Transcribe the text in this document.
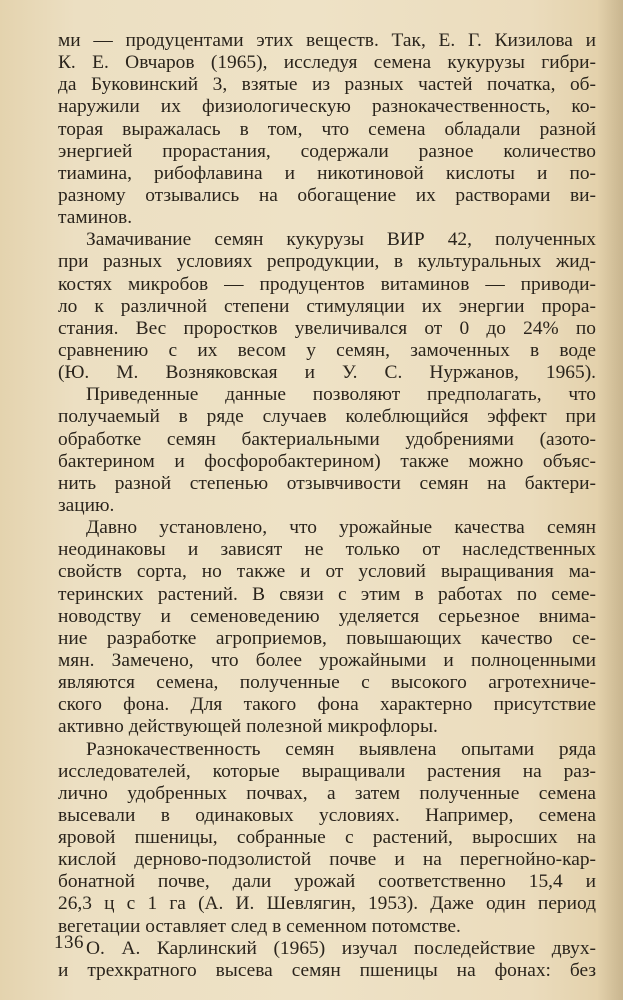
ми — продуцентами этих веществ. Так, Е. Г. Кизилова и
К. Е. Овчаров (1965), исследуя семена кукурузы гибри-
да Буковинский 3, взятые из разных частей початка, об-
наружили их физиологическую разнокачественность, ко-
торая выражалась в том, что семена обладали разной
энергией прорастания, содержали разное количество
тиамина, рибофлавина и никотиновой кислоты и по-
разному отзывались на обогащение их растворами ви-
таминов.
Замачивание семян кукурузы ВИР 42, полученных
при разных условиях репродукции, в культуральных жид-
костях микробов — продуцентов витаминов — приводи-
ло к различной степени стимуляции их энергии прора-
стания. Вес проростков увеличивался от 0 до 24% по
сравнению с их весом у семян, замоченных в воде
(Ю. М. Возняковская и У. С. Нуржанов, 1965).
Приведенные данные позволяют предполагать, что
получаемый в ряде случаев колеблющийся эффект при
обработке семян бактериальными удобрениями (азото-
бактерином и фосфоробактерином) также можно объяс-
нить разной степенью отзывчивости семян на бактери-
зацию.
Давно установлено, что урожайные качества семян
неодинаковы и зависят не только от наследственных
свойств сорта, но также и от условий выращивания ма-
теринских растений. В связи с этим в работах по семе-
новодству и семеноведению уделяется серьезное внима-
ние разработке агроприемов, повышающих качество се-
мян. Замечено, что более урожайными и полноценными
являются семена, полученные с высокого агротехниче-
ского фона. Для такого фона характерно присутствие
активно действующей полезной микрофлоры.
Разнокачественность семян выявлена опытами ряда
исследователей, которые выращивали растения на раз-
лично удобренных почвах, а затем полученные семена
высевали в одинаковых условиях. Например, семена
яровой пшеницы, собранные с растений, выросших на
кислой дерново-подзолистой почве и на перегнойно-кар-
бонатной почве, дали урожай соответственно 15,4 и
26,3 ц с 1 га (А. И. Шевлягин, 1953). Даже один период
вегетации оставляет след в семенном потомстве.
О. А. Карлинский (1965) изучал последействие двух-
и трехкратного высева семян пшеницы на фонах: без
136
